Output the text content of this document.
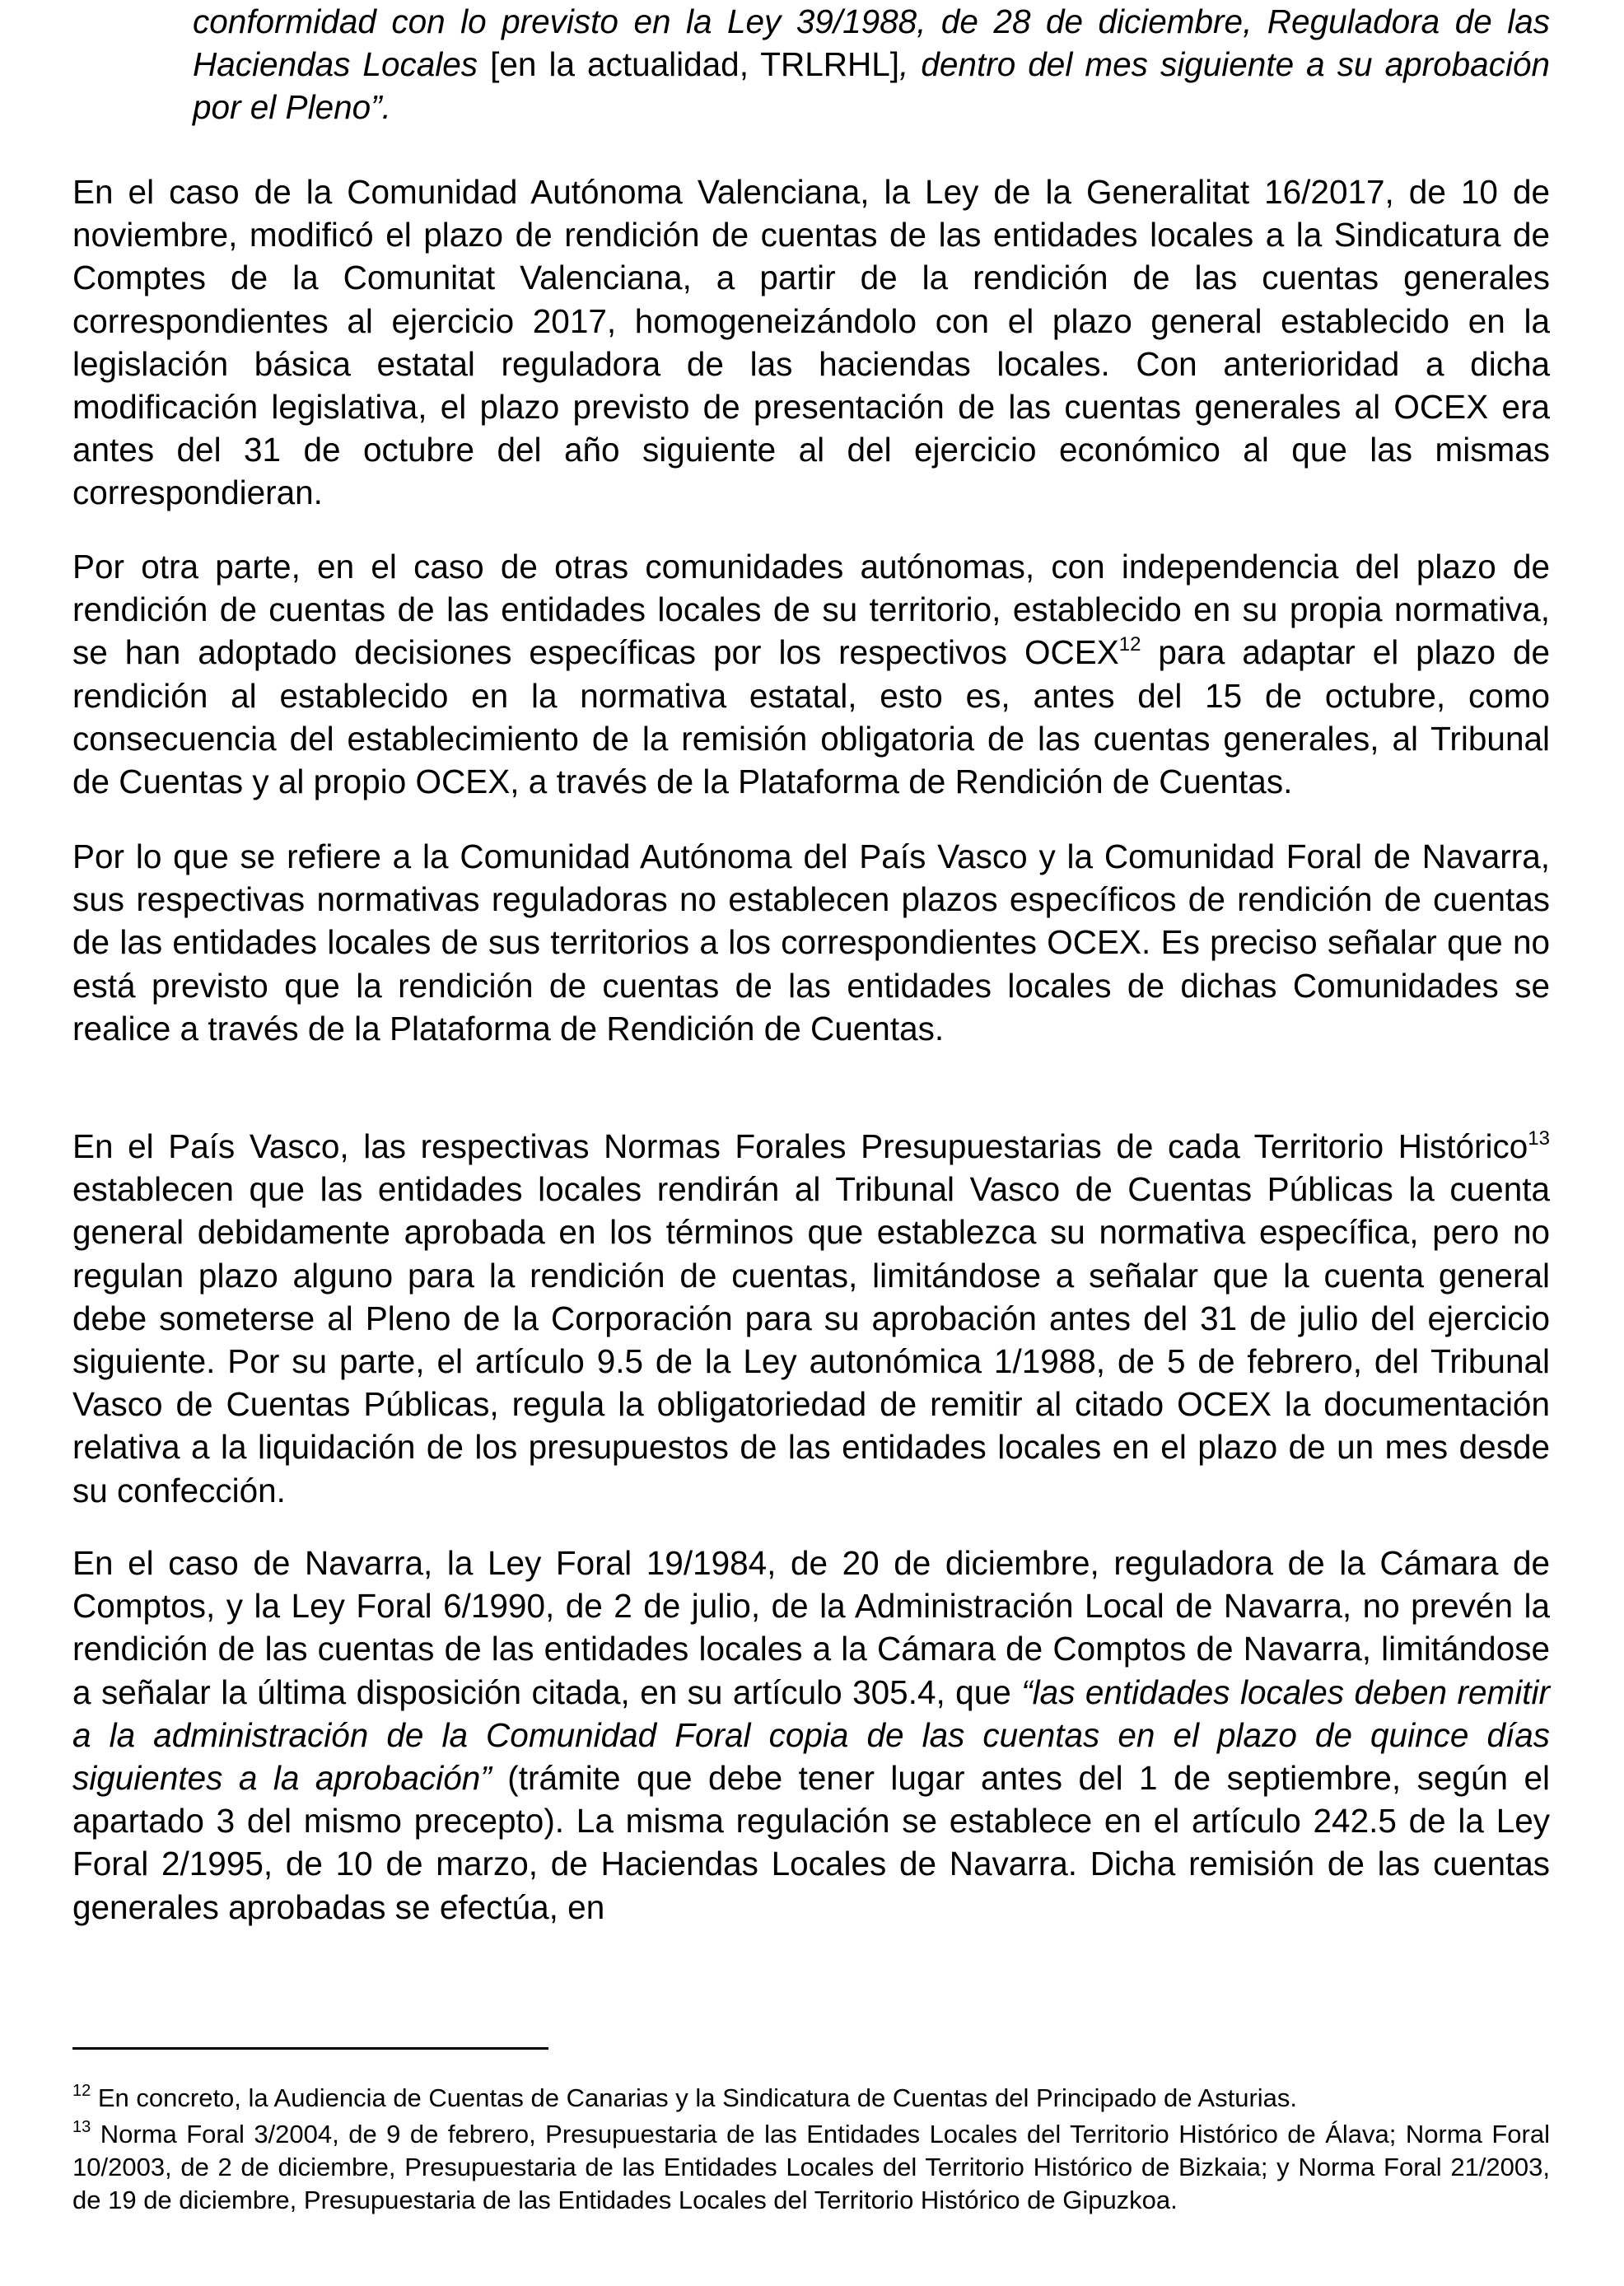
conformidad con lo previsto en la Ley 39/1988, de 28 de diciembre, Reguladora de las Haciendas Locales [en la actualidad, TRLRHL], dentro del mes siguiente a su aprobación por el Pleno”.

En el caso de la Comunidad Autónoma Valenciana, la Ley de la Generalitat 16/2017, de 10 de noviembre, modificó el plazo de rendición de cuentas de las entidades locales a la Sindicatura de Comptes de la Comunitat Valenciana, a partir de la rendición de las cuentas generales correspondientes al ejercicio 2017, homogeneizándolo con el plazo general establecido en la legislación básica estatal reguladora de las haciendas locales. Con anterioridad a dicha modificación legislativa, el plazo previsto de presentación de las cuentas generales al OCEX era antes del 31 de octubre del año siguiente al del ejercicio económico al que las mismas correspondieran.

Por otra parte, en el caso de otras comunidades autónomas, con independencia del plazo de rendición de cuentas de las entidades locales de su territorio, establecido en su propia normativa, se han adoptado decisiones específicas por los respectivos OCEX$^{12}$ para adaptar el plazo de rendición al establecido en la normativa estatal, esto es, antes del 15 de octubre, como consecuencia del establecimiento de la remisión obligatoria de las cuentas generales, al Tribunal de Cuentas y al propio OCEX, a través de la Plataforma de Rendición de Cuentas.

Por lo que se refiere a la Comunidad Autónoma del País Vasco y la Comunidad Foral de Navarra, sus respectivas normativas reguladoras no establecen plazos específicos de rendición de cuentas de las entidades locales de sus territorios a los correspondientes OCEX. Es preciso señalar que no está previsto que la rendición de cuentas de las entidades locales de dichas Comunidades se realice a través de la Plataforma de Rendición de Cuentas.

En el País Vasco, las respectivas Normas Forales Presupuestarias de cada Territorio Histórico$^{13}$ establecen que las entidades locales rendirán al Tribunal Vasco de Cuentas Públicas la cuenta general debidamente aprobada en los términos que establezca su normativa específica, pero no regulan plazo alguno para la rendición de cuentas, limitándose a señalar que la cuenta general debe someterse al Pleno de la Corporación para su aprobación antes del 31 de julio del ejercicio siguiente. Por su parte, el artículo 9.5 de la Ley autonómica 1/1988, de 5 de febrero, del Tribunal Vasco de Cuentas Públicas, regula la obligatoriedad de remitir al citado OCEX la documentación relativa a la liquidación de los presupuestos de las entidades locales en el plazo de un mes desde su confección.

En el caso de Navarra, la Ley Foral 19/1984, de 20 de diciembre, reguladora de la Cámara de Comptos, y la Ley Foral 6/1990, de 2 de julio, de la Administración Local de Navarra, no prevén la rendición de las cuentas de las entidades locales a la Cámara de Comptos de Navarra, limitándose a señalar la última disposición citada, en su artículo 305.4, que “las entidades locales deben remitir a la administración de la Comunidad Foral copia de las cuentas en el plazo de quince días siguientes a la aprobación” (trámite que debe tener lugar antes del 1 de septiembre, según el apartado 3 del mismo precepto). La misma regulación se establece en el artículo 242.5 de la Ley Foral 2/1995, de 10 de marzo, de Haciendas Locales de Navarra. Dicha remisión de las cuentas generales aprobadas se efectúa, en

$^{12}$ En concreto, la Audiencia de Cuentas de Canarias y la Sindicatura de Cuentas del Principado de Asturias.

$^{13}$ Norma Foral 3/2004, de 9 de febrero, Presupuestaria de las Entidades Locales del Territorio Histórico de Álava; Norma Foral 10/2003, de 2 de diciembre, Presupuestaria de las Entidades Locales del Territorio Histórico de Bizkaia; y Norma Foral 21/2003, de 19 de diciembre, Presupuestaria de las Entidades Locales del Territorio Histórico de Gipuzkoa.
